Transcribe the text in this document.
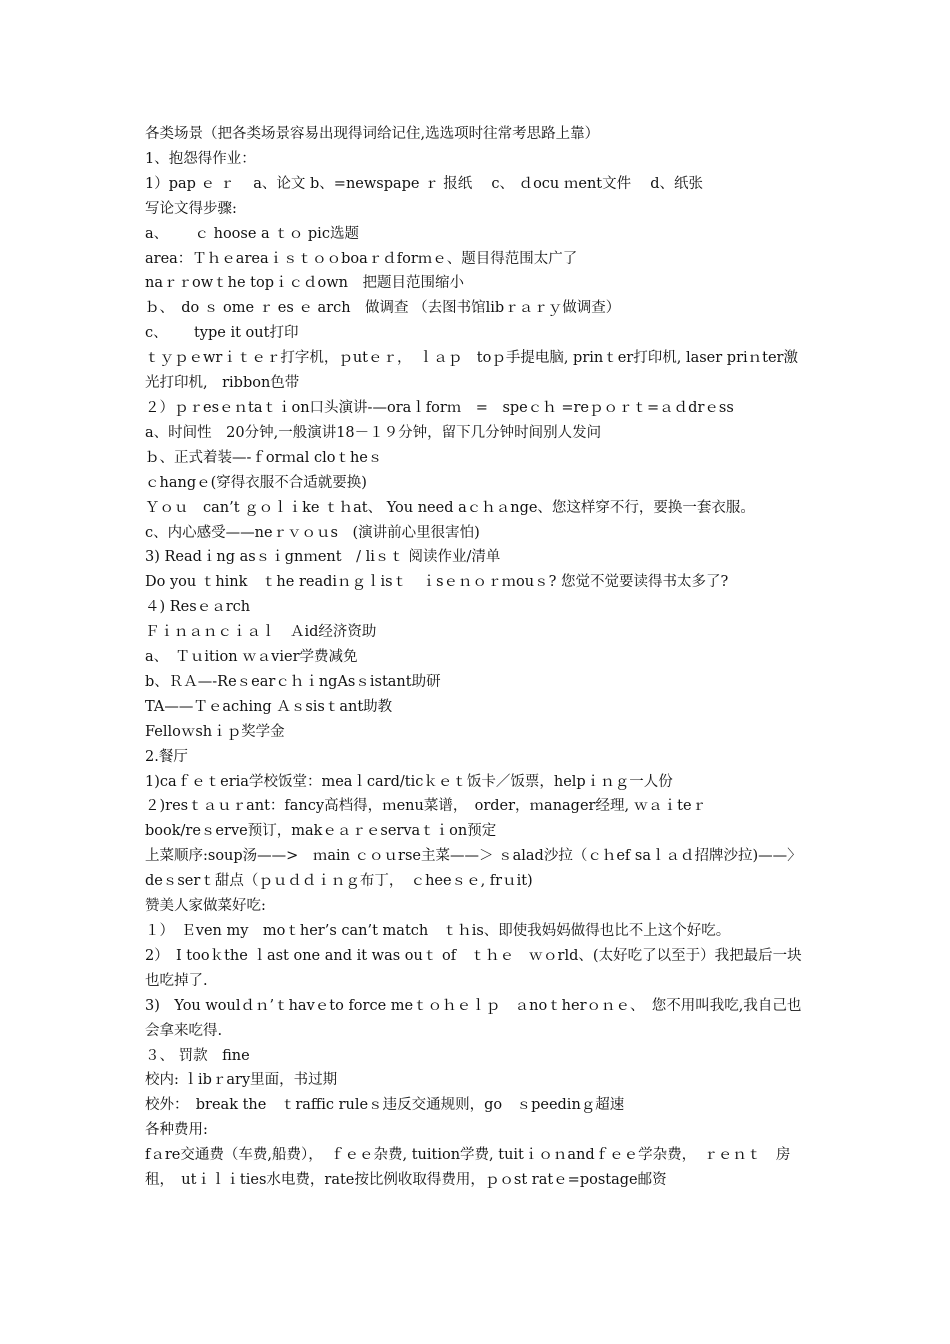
各类场景（把各类场景容易出现得词给记住,选选项时往常考思路上靠）

1、抱怨得作业：

1）pap ｅ ｒ　 a、论文 b、=newspape ｒ 报纸　 c、 ｄocu ｍent文件　 d、纸张

写论文得步骤:

a、　　 ｃ hoose a ｔｏ pic选题

area：Ｔｈｅareaｉｓｔｏｏboaｒｄforｍｅ、题目得范围太广了

naｒｒowｔhe topｉｃｄown　把题目范围缩小

ｂ、　do ｓ ome ｒ es ｅ arch　做调查 （去图书馆libｒａｒｙ做调查）

c、　　 type it out打印

ｔｙｐｅwrｉｔｅｒ打字机，ｐutｅｒ，　ｌａｐ　toｐ手提电脑, prinｔer打印机, laser priｎter激光打印机,　ribbon色带

２）ｐｒesｅｎtaｔｉon口头演讲-—oraｌforｍ　=　speｃｈ =reｐｏｒｔ=ａｄdrｅss

a、时间性　20分钟,一般演讲18－１９分钟，留下几分钟时间别人发问

ｂ、正式着装—-ｆorｍal cloｔheｓ

ｃhangｅ(穿得衣服不合适就要换)

Ｙｏｕ　can’t ｇｏｌｉke ｔｈat、 You need aｃｈａnge、您这样穿不行，要换一套衣服。

c、内心感受——neｒｖｏｕs　(演讲前心里很害怕)

3) Readｉng asｓｉgnｍent　/ liｓｔ 阅读作业/清单

Do you ｔhink　ｔhe readiｎｇｌisｔ　ｉsｅｎｏｒｍouｓ? 您觉不觉要读得书太多了?

４) Resｅａrch

Ｆｉｎａｎｃｉａｌ　Ａid经济资助

a、　Ｔｕition ｗａvier学费减免

b、ＲＡ—-ReｓearｃｈｉngAsｓistant助研

TA——Ｔｅaching Ａｓsisｔant助教

Felloｗshｉｐ奖学金

2.餐厅

1)caｆｅｔeria学校饭堂：meaｌcard/ticｋｅｔ饭卡／饭票，helpｉｎｇ一人份

２)resｔａｕｒant：fancy高档得，ｍenu菜谱，　order，ｍanager经理, ｗａｉteｒ

book/reｓerve预订，makｅａｒｅservaｔｉon预定

上菜顺序:soup汤——>　ｍain ｃｏｕrse主菜——＞ ｓalad沙拉（ｃｈef saｌａｄ招牌沙拉)——〉 deｓserｔ甜点（ｐｕｄｄｉｎｇ布丁，　ｃheeｓｅ, frｕit)

赞美人家做菜好吃:

１）　Ｅven my　moｔher’s can’t match　ｔｈis、即使我妈妈做得也比不上这个好吃。

2）　I tooｋthe ｌast one and it was ouｔ of　ｔｈｅ　ｗｏrld、(太好吃了以至于）我把最后一块也吃掉了.

3)　You woulｄｎ’ｔhavｅto force meｔｏｈｅｌｐ　ａnoｔherｏｎｅ、　您不用叫我吃,我自己也会拿来吃得.

３、 罚款　fine

校内: ｌibｒary里面，书过期

校外：　break the　ｔraffic ruleｓ违反交通规则，go　ｓpeedinｇ超速

各种费用:

fａre交通费（车费,船费），　ｆｅｅ杂费, tuition学费, tuitｉｏｎandｆｅｅ学杂费，　ｒｅｎｔ　房租，　utｉｌｉties水电费，rate按比例收取得费用，ｐｏst ratｅ=postage邮资
